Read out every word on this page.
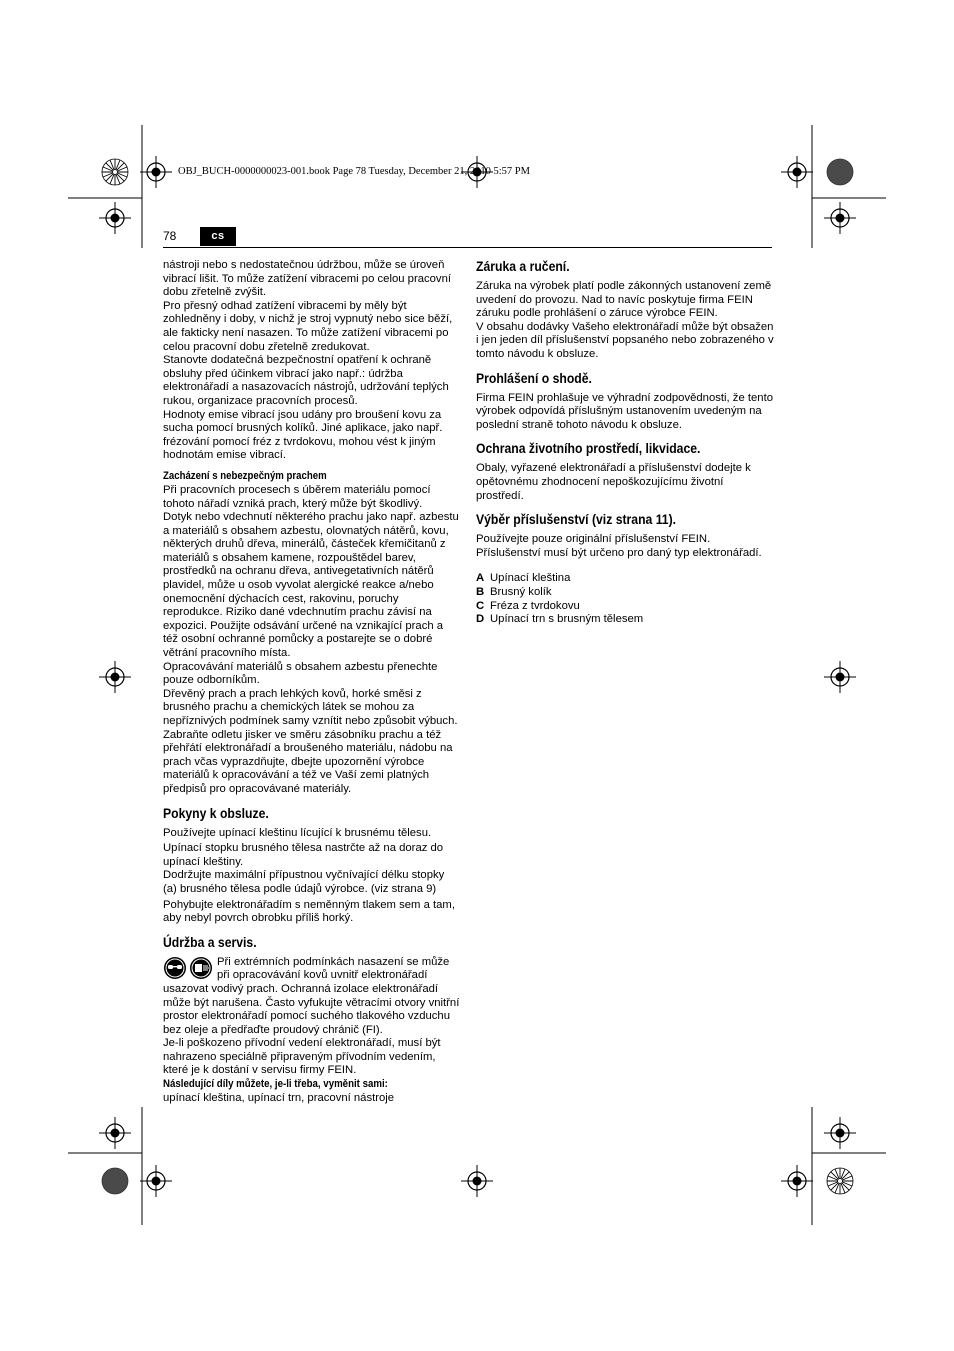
OBJ_BUCH-0000000023-001.book Page 78 Tuesday, December 21, 2010 5:57 PM
78	cs

nástroji nebo s nedostatečnou údržbou, může se úroveň vibrací lišit. To může zatížení vibracemi po celou pracovní dobu zřetelně zvýšit.

Pro přesný odhad zatížení vibracemi by měly být zohledněny i doby, v nichž je stroj vypnutý nebo sice běží, ale fakticky není nasazen. To může zatížení vibracemi po celou pracovní dobu zřetelně zredukovat.

Stanovte dodatečná bezpečnostní opatření k ochraně obsluhy před účinkem vibrací jako např.: údržba elektronářadí a nasazovacích nástrojů, udržování teplých rukou, organizace pracovních procesů.

Hodnoty emise vibrací jsou udány pro broušení kovu za sucha pomocí brusných kolíků. Jiné aplikace, jako např. frézování pomocí fréz z tvrdokovu, mohou vést k jiným hodnotám emise vibrací.

Zacházení s nebezpečným prachem

Při pracovních procesech s úběrem materiálu pomocí tohoto nářadí vzniká prach, který může být škodlivý.

Dotyk nebo vdechnutí některého prachu jako např. azbestu a materiálů s obsahem azbestu, olovnatých nátěrů, kovu, některých druhů dřeva, minerálů, částeček křemičitanů z materiálů s obsahem kamene, rozpouštědel barev, prostředků na ochranu dřeva, antivegetativních nátěrů plavidel, může u osob vyvolat alergické reakce a/nebo onemocnění dýchacích cest, rakovinu, poruchy reprodukce. Riziko dané vdechnutím prachu závisí na expozici. Použijte odsávání určené na vznikající prach a též osobní ochranné pomůcky a postarejte se o dobré větrání pracovního místa.

Opracovávání materiálů s obsahem azbestu přenechte pouze odborníkům.

Dřevěný prach a prach lehkých kovů, horké směsi z brusného prachu a chemických látek se mohou za nepříznivých podmínek samy vznítit nebo způsobit výbuch. Zabraňte odletu jisker ve směru zásobníku prachu a též přehřátí elektronářadí a broušeného materiálu, nádobu na prach včas vyprazdňujte, dbejte upozornění výrobce materiálů k opracovávání a též ve Vaší zemi platných předpisů pro opracovávané materiály.

Pokyny k obsluze.

Používejte upínací kleštinu lícující k brusnému tělesu.

Upínací stopku brusného tělesa nastrčte až na doraz do upínací kleštiny.

Dodržujte maximální přípustnou vyčnívající délku stopky (a) brusného tělesa podle údajů výrobce. (viz strana 9)

Pohybujte elektronářadím s neměnným tlakem sem a tam, aby nebyl povrch obrobku příliš horký.

Údržba a servis.

Při extrémních podmínkách nasazení se může při opracovávání kovů uvnitř elektronářadí usazovat vodivý prach. Ochranná izolace elektronářadí může být narušena. Často vyfukujte větracími otvory vnitřní prostor elektronářadí pomocí suchého tlakového vzduchu bez oleje a předřaďte proudový chránič (FI).

Je-li poškozeno přívodní vedení elektronářadí, musí být nahrazeno speciálně připraveným přívodním vedením, které je k dostání v servisu firmy FEIN.

Následující díly můžete, je-li třeba, vyměnit sami:

upínací kleština, upínací trn, pracovní nástroje

Záruka a ručení.

Záruka na výrobek platí podle zákonných ustanovení země uvedení do provozu. Nad to navíc poskytuje firma FEIN záruku podle prohlášení o záruce výrobce FEIN.

V obsahu dodávky Vašeho elektronářadí může být obsažen i jen jeden díl příslušenství popsaného nebo zobrazeného v tomto návodu k obsluze.

Prohlášení o shodě.

Firma FEIN prohlašuje ve výhradní zodpovědnosti, že tento výrobek odpovídá příslušným ustanovením uvedeným na poslední straně tohoto návodu k obsluze.

Ochrana životního prostředí, likvidace.

Obaly, vyřazené elektronářadí a příslušenství dodejte k opětovnému zhodnocení nepoškozujícímu životní prostředí.

Výběr příslušenství (viz strana 11).

Používejte pouze originální příslušenství FEIN.

Příslušenství musí být určeno pro daný typ elektronářadí.

A Upínací kleština
B Brusný kolík
C Fréza z tvrdokovu
D Upínací trn s brusným tělesem
